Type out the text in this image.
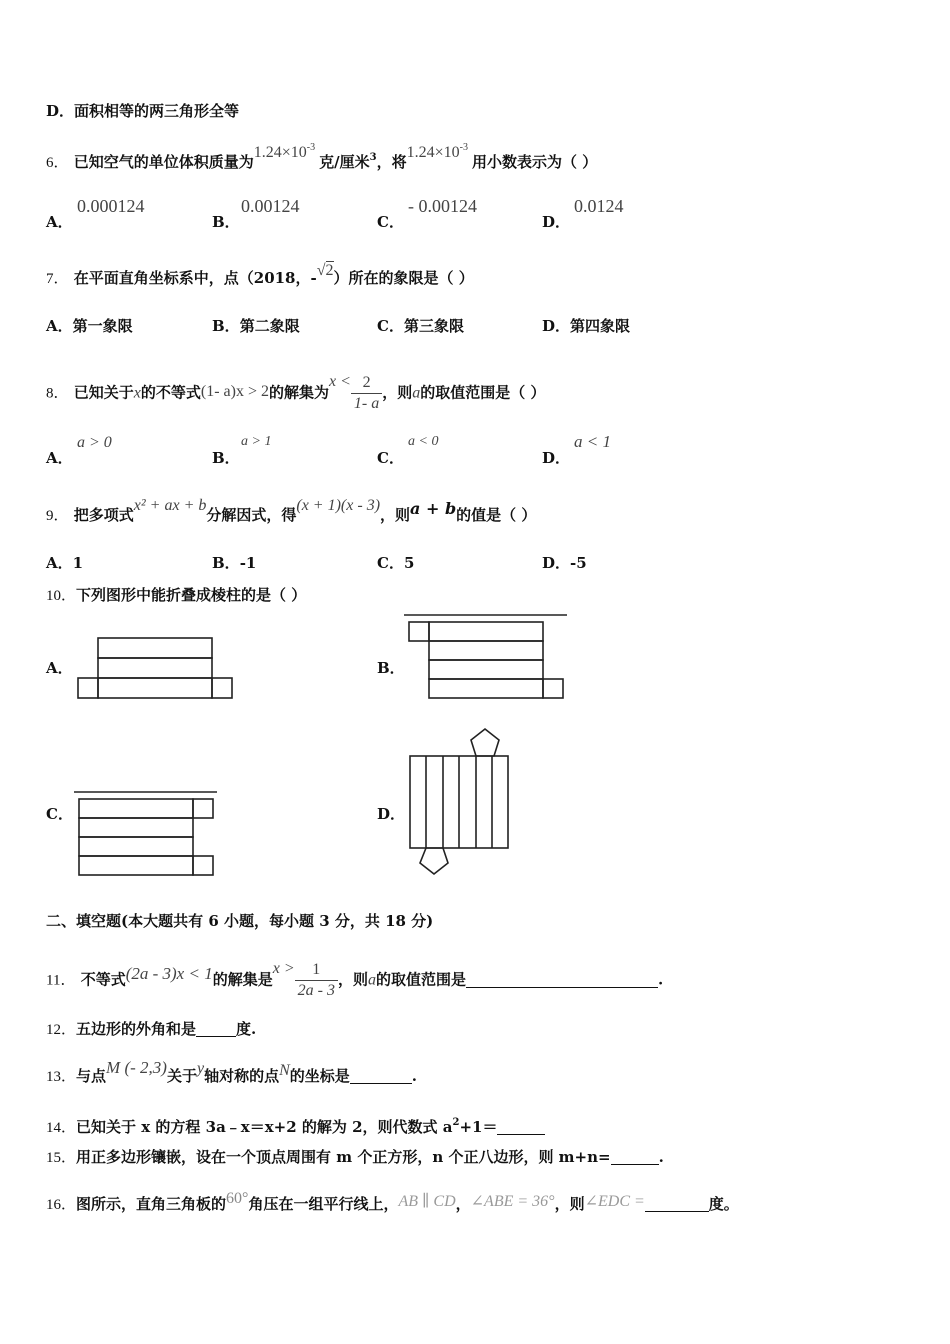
D．面积相等的两三角形全等
6． 已知空气的单位体积质量为$1.24\times 10^{-3}$克/厘米$^3$，将$1.24\times 10^{-3}$用小数表示为（ ）
A．
0.000124
B．
0.00124
C．
- 0.00124
D．
0.0124
7． 在平面直角坐标系中，点（2018，-√2）所在的象限是（ ）
A．第一象限	B．第二象限	C．第三象限	D．第四象限
8． 已知关于x的不等式(1- a)x > 2的解集为$x < \frac{2}{1- a}$ ，则a的取值范围是（ ）
A．
a > 0
B．
a > 1
C．
a < 0
D．
a < 1
9． 把多项式x² + ax + b分解因式，得(x + 1)(x - 3)，则a + b的值是（ ）
A．1	B．-1	C．5	D．-5
10．下列图形中能折叠成棱柱的是（ ）
A．	B．
C．	D．
二、填空题(本大题共有 6 小题，每小题 3 分，共 18 分)
11． 不等式(2a - 3)x < 1的解集是$x > \frac{1}{2a - 3}$ ，则a的取值范围是	.
12．五边形的外角和是	度.
13．与点M (- 2,3)关于y轴对称的点N的坐标是	.
14．已知关于 x 的方程 3a﹣x＝x+2 的解为 2，则代数式 $a^2+1=$
15．用正多边形镶嵌，设在一个顶点周围有 m 个正方形，n 个正八边形，则 m+n=	.
16．图所示，直角三角板的60°角压在一组平行线上，AB ∥ CD，∠ABE = 36°，则∠EDC =	度。
